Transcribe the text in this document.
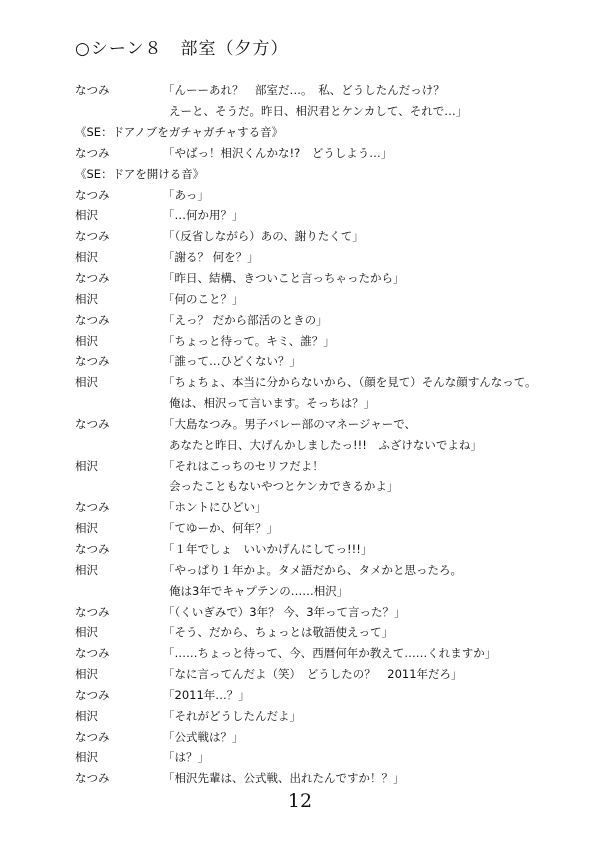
○シーン８　部室（夕方）
なつみ	「んーーあれ？　部室だ…。　私、どうしたんだっけ？
えーと、そうだ。昨日、相沢君とケンカして、それで…」
《SE：ドアノブをガチャガチャする音》
なつみ	「やばっ！相沢くんかな!?　どうしよう…」
《SE：ドアを開ける音》
なつみ	「あっ」
相沢	「…何か用？」
なつみ	「（反省しながら）あの、謝りたくて」
相沢	「謝る？ 何を？」
なつみ	「昨日、結構、きついこと言っちゃったから」
相沢	「何のこと？」
なつみ	「えっ？ だから部活のときの」
相沢	「ちょっと待って。キミ、誰？」
なつみ	「誰って…ひどくない？」
相沢	「ちょちょ、本当に分からないから、（顔を見て）そんな顔すんなって。
俺は、相沢って言います。そっちは？」
なつみ	「大島なつみ。男子バレー部のマネージャーで、
あなたと昨日、大げんかしましたっ!!!　ふざけないでよね」
相沢	「それはこっちのセリフだよ！
会ったこともないやつとケンカできるかよ」
なつみ	「ホントにひどい」
相沢	「てゆーか、何年？」
なつみ	「１年でしょ　いいかげんにしてっ!!!」
相沢	「やっぱり１年かよ。タメ語だから、タメかと思ったろ。
俺は3年でキャプテンの……相沢」
なつみ	「（くいぎみで）3年？ 今、3年って言った？」
相沢	「そう、だから、ちょっとは敬語使えって」
なつみ	「……ちょっと待って、今、西暦何年か教えて……くれますか」
相沢	「なに言ってんだよ（笑）　どうしたの？　2011年だろ」
なつみ	「2011年…？」
相沢	「それがどうしたんだよ」
なつみ	「公式戦は？」
相沢	「は？」
なつみ	「相沢先輩は、公式戦、出れたんですか！？」
12
